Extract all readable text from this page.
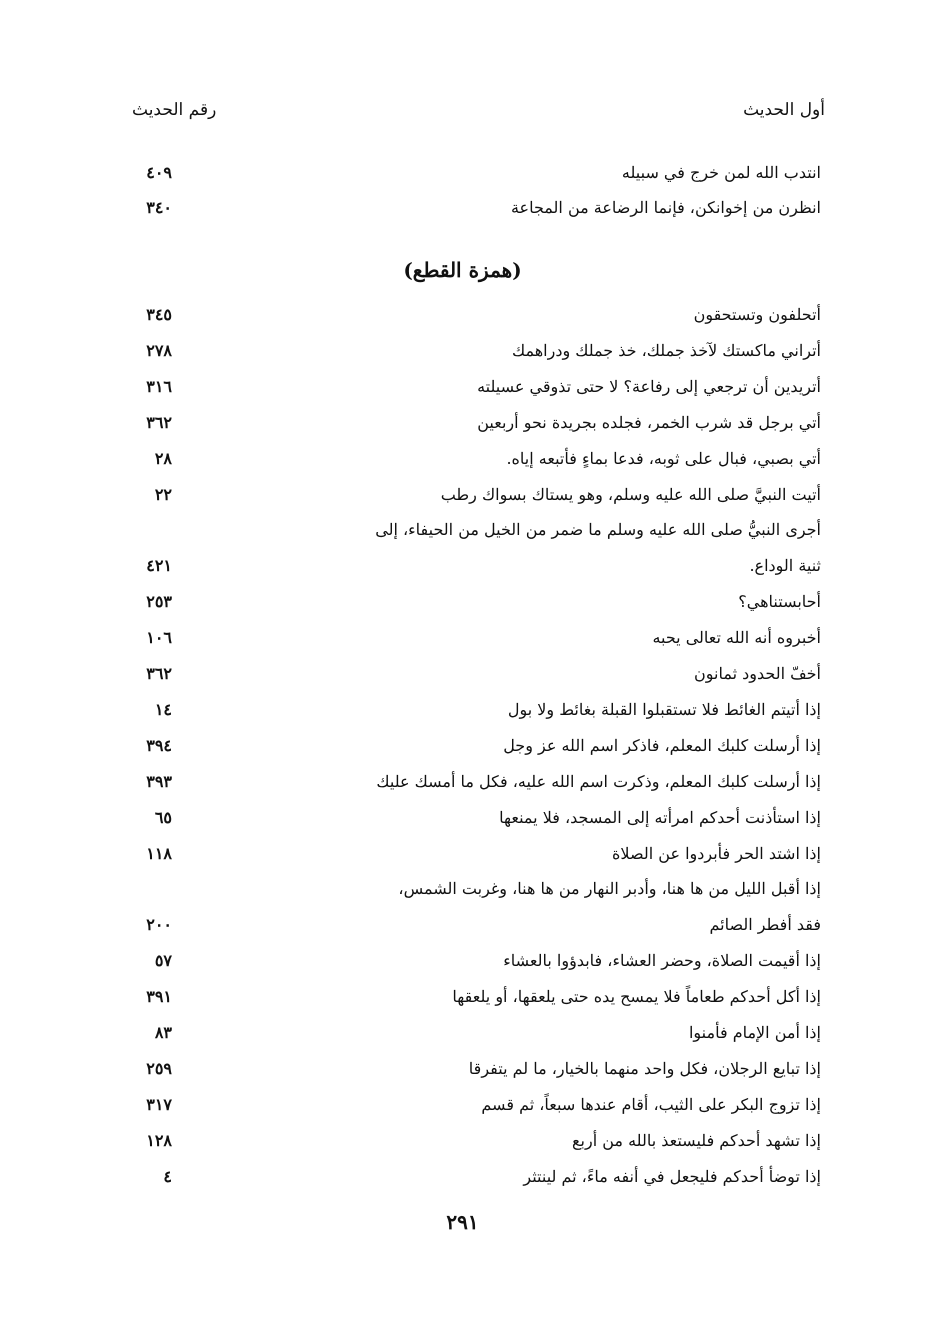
أول الحديث
رقم الحديث
انتدب الله لمن خرج في سبيله
٤٠٩
انظرن من إخوانكن، فإنما الرضاعة من المجاعة
٣٤٠
(همزة القطع)
أتحلفون وتستحقون
٣٤٥
أتراني ماكستك لآخذ جملك، خذ جملك ودراهمك
٢٧٨
أتريدين أن ترجعي إلى رفاعة؟ لا حتى تذوقي عسيلته
٣١٦
أتي برجل قد شرب الخمر، فجلده بجريدة نحو أربعين
٣٦٢
أتي بصبي، فبال على ثوبه، فدعا بماءٍ فأتبعه إياه.
٢٨
أتيت النبيَّ صلى الله عليه وسلم، وهو يستاك بسواك رطب
٢٢
أجرى النبيُّ صلى الله عليه وسلم ما ضمر من الخيل من الحيفاء، إلى
ثنية الوداع.
٤٢١
أحابستناهي؟
٢٥٣
أخبروه أنه الله تعالى يحبه
١٠٦
أخفّ الحدود ثمانون
٣٦٢
إذا أتيتم الغائط فلا تستقبلوا القبلة بغائط ولا بول
١٤
إذا أرسلت كلبك المعلم، فاذكر اسم الله عز وجل
٣٩٤
إذا أرسلت كلبك المعلم، وذكرت اسم الله عليه، فكل ما أمسك عليك
٣٩٣
إذا استأذنت أحدكم امرأته إلى المسجد، فلا يمنعها
٦٥
إذا اشتد الحر فأبردوا عن الصلاة
١١٨
إذا أقبل الليل من ها هنا، وأدبر النهار من ها هنا، وغربت الشمس،
فقد أفطر الصائم
٢٠٠
إذا أقيمت الصلاة، وحضر العشاء، فابدؤوا بالعشاء
٥٧
إذا أكل أحدكم طعاماً فلا يمسح يده حتى يلعقها، أو يلعقها
٣٩١
إذا أمن الإمام فأمنوا
٨٣
إذا تبايع الرجلان، فكل واحد منهما بالخيار، ما لم يتفرقا
٢٥٩
إذا تزوج البكر على الثيب، أقام عندها سبعاً، ثم قسم
٣١٧
إذا تشهد أحدكم فليستعذ بالله من أربع
١٢٨
إذا توضأ أحدكم فليجعل في أنفه ماءً، ثم لينتثر
٤
٢٩١
